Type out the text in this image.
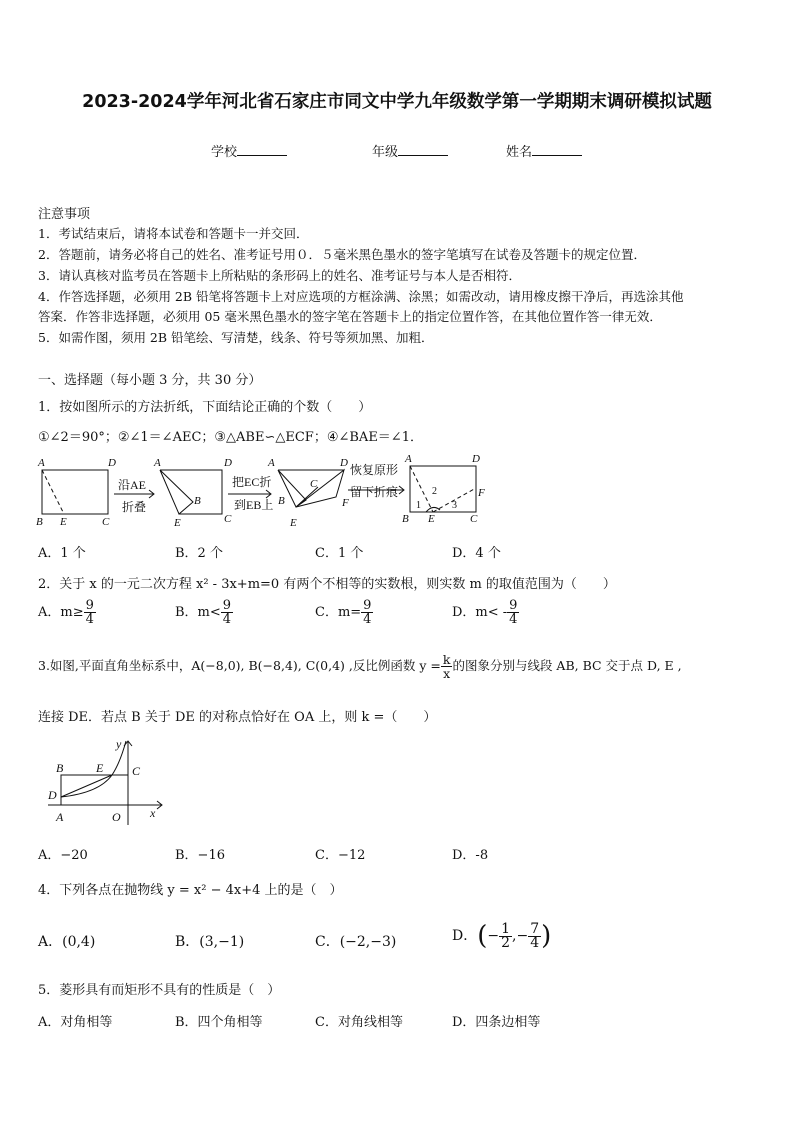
2023-2024学年河北省石家庄市同文中学九年级数学第一学期期末调研模拟试题
学校	年级	姓名
注意事项
1．考试结束后，请将本试卷和答题卡一并交回．
2．答题前，请务必将自己的姓名、准考证号用０．５毫米黑色墨水的签字笔填写在试卷及答题卡的规定位置．
3．请认真核对监考员在答题卡上所粘贴的条形码上的姓名、准考证号与本人是否相符．
4．作答选择题，必须用 2B 铅笔将答题卡上对应选项的方框涂满、涂黑；如需改动，请用橡皮擦干净后，再选涂其他
答案．作答非选择题，必须用 05 毫米黑色墨水的签字笔在答题卡上的指定位置作答，在其他位置作答一律无效．
5．如需作图，须用 2B 铅笔绘、写清楚，线条、符号等须加黑、加粗．
一、选择题（每小题 3 分，共 30 分）
1．按如图所示的方法折纸，下面结论正确的个数（　　）
①∠2＝90°；②∠1＝∠AEC；③△ABE∽△ECF；④∠BAE＝∠1．
A	D
B E	C
A	D
B
E	C
A	D
C
B
E
F
A	D
B E	C
F
2
1	3
沿AE
折叠
把EC折
到EB上
恢复原形
留下折痕
A．1 个	B．2 个	C．1 个	D．4 个
2．关于 x 的一元二次方程 x² - 3x+m=0 有两个不相等的实数根，则实数 m 的取值范围为（　　）
A．$m\ge \frac{9}{4}$	B．$m< \frac{9}{4}$	C．$m= \frac{9}{4}$	D．$m< - \frac{9}{4}$
3.如图,平面直角坐标系中，A(−8,0), B(−8,4), C(0,4) ,反比例函数 $y = \frac{k}{x}$ 的图象分别与线段 AB, BC 交于点 D, E ,
连接 DE．若点 B 关于 DE 的对称点恰好在 OA 上，则 k =（　　）
y
B	E C
D
A	O x
A．−20	B．−16	C．−12	D．-8
4．下列各点在抛物线 y = x² − 4x+4 上的是（　）
A．(0,4)	B．(3,−1)	C．(−2,−3)	D．(− $\frac{1}{2}$ ,− $\frac{7}{4}$ )
5．菱形具有而矩形不具有的性质是（　）
A．对角相等	B．四个角相等	C．对角线相等	D．四条边相等
